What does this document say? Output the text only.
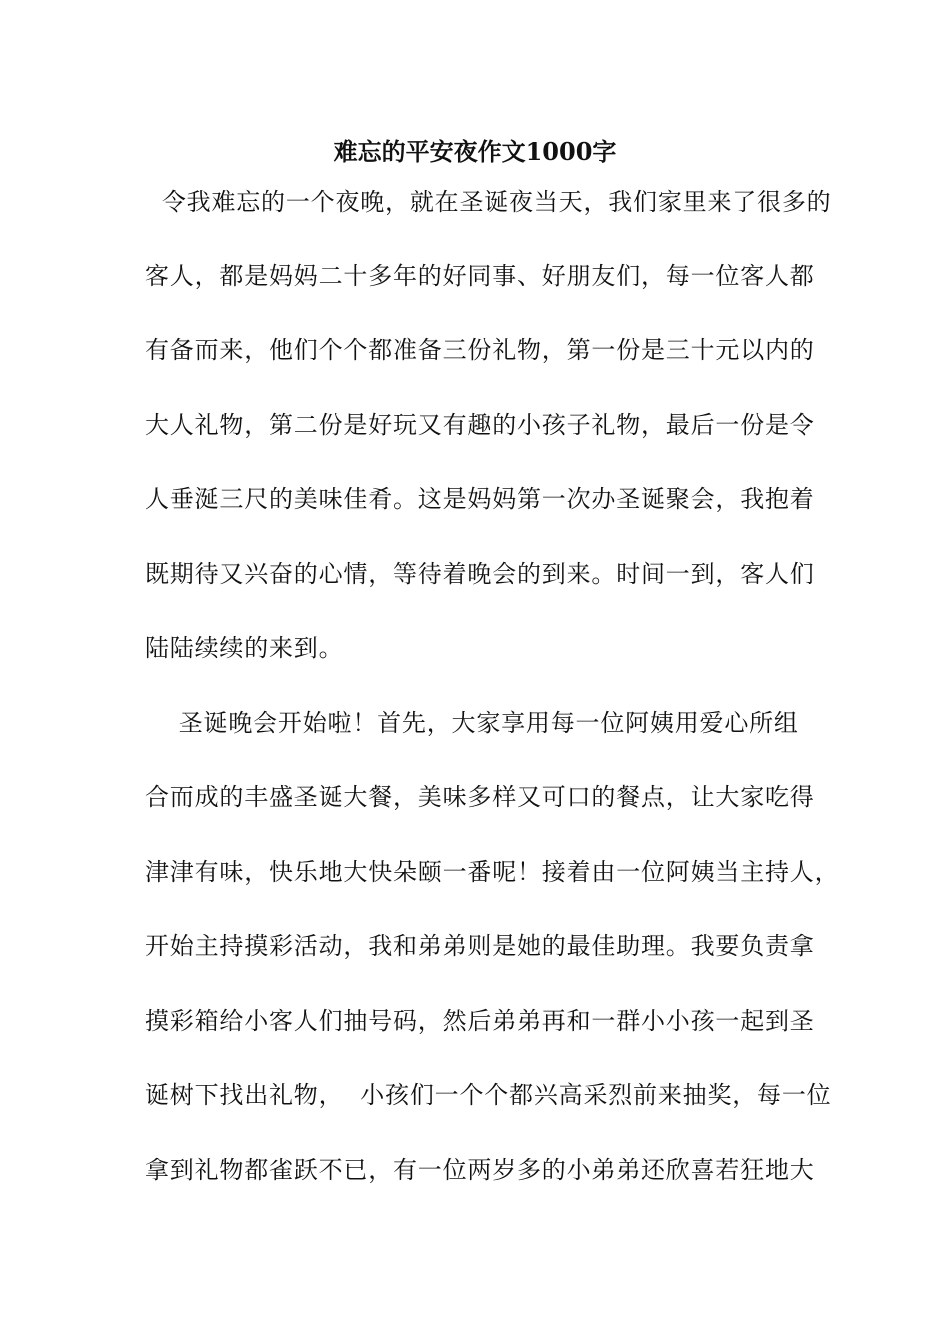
难忘的平安夜作文1000字
令我难忘的一个夜晚，就在圣诞夜当天，我们家里来了很多的
客人，都是妈妈二十多年的好同事、好朋友们，每一位客人都
有备而来，他们个个都准备三份礼物，第一份是三十元以内的
大人礼物，第二份是好玩又有趣的小孩子礼物，最后一份是令
人垂涎三尺的美味佳肴。这是妈妈第一次办圣诞聚会，我抱着
既期待又兴奋的心情，等待着晚会的到来。时间一到，客人们
陆陆续续的来到。
圣诞晚会开始啦！首先，大家享用每一位阿姨用爱心所组
合而成的丰盛圣诞大餐，美味多样又可口的餐点，让大家吃得
津津有味，快乐地大快朵颐一番呢！接着由一位阿姨当主持人，
开始主持摸彩活动，我和弟弟则是她的最佳助理。我要负责拿
摸彩箱给小客人们抽号码，然后弟弟再和一群小小孩一起到圣
诞树下找出礼物，  小孩们一个个都兴高采烈前来抽奖，每一位
拿到礼物都雀跃不已，有一位两岁多的小弟弟还欣喜若狂地大
